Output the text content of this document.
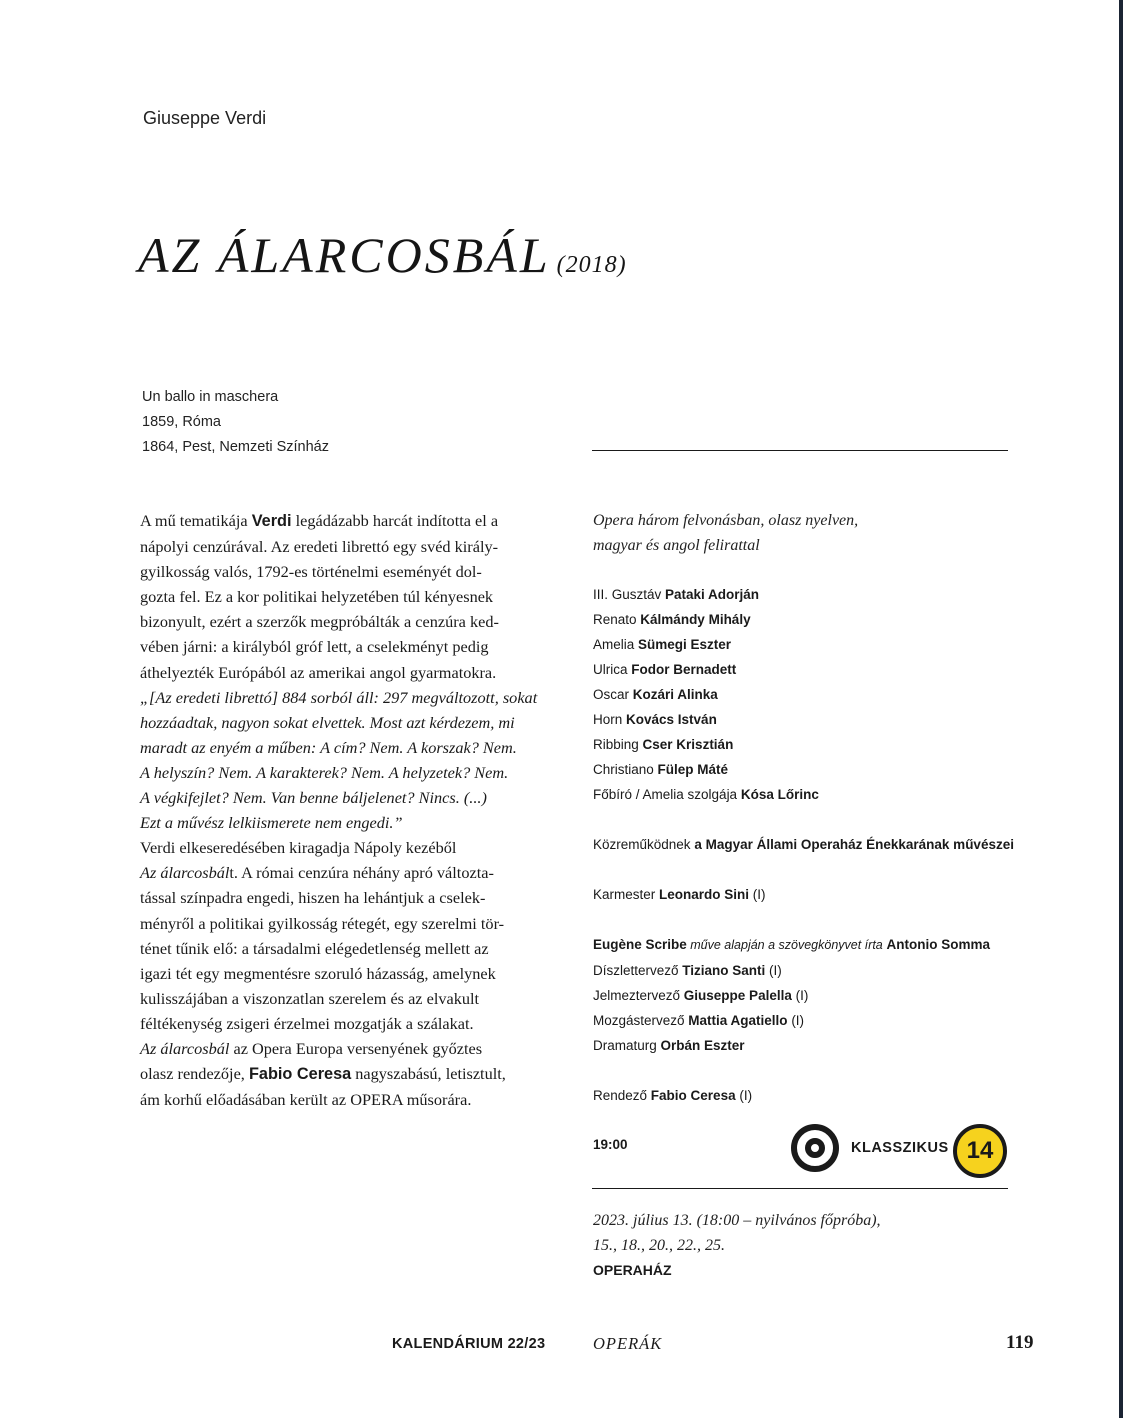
Giuseppe Verdi
AZ ÁLARCOSBÁL (2018)
Un ballo in maschera
1859, Róma
1864, Pest, Nemzeti Színház

A mű tematikája Verdi legádázabb harcát indította el a

nápolyi cenzúrával. Az eredeti librettó egy svéd király-

gyilkosság valós, 1792-es történelmi eseményét dol-

gozta fel. Ez a kor politikai helyzetében túl kényesnek

bizonyult, ezért a szerzők megpróbálták a cenzúra ked-

vében járni: a királyból gróf lett, a cselekményt pedig

áthelyezték Európából az amerikai angol gyarmatokra.

„[Az eredeti librettó] 884 sorból áll: 297 megváltozott, sokat

hozzáadtak, nagyon sokat elvettek. Most azt kérdezem, mi

maradt az enyém a műben: A cím? Nem. A korszak? Nem.

A helyszín? Nem. A karakterek? Nem. A helyzetek? Nem.

A végkifejlet? Nem. Van benne báljelenet? Nincs. (...)

Ezt a művész lelkiismerete nem engedi.”

Verdi elkeseredésében kiragadja Nápoly kezéből

Az álarcosbált. A római cenzúra néhány apró változta-

tással színpadra engedi, hiszen ha lehántjuk a cselek-

ményről a politikai gyilkosság rétegét, egy szerelmi tör-

ténet tűnik elő: a társadalmi elégedetlenség mellett az

igazi tét egy megmentésre szoruló házasság, amelynek

kulisszájában a viszonzatlan szerelem és az elvakult

féltékenység zsigeri érzelmei mozgatják a szálakat.

Az álarcosbál az Opera Europa versenyének győztes

olasz rendezője, Fabio Ceresa nagyszabású, letisztult,

ám korhű előadásában került az OPERA műsorára.

Opera három felvonásban, olasz nyelven,
magyar és angol felirattal
III. Gusztáv Pataki Adorján
Renato Kálmándy Mihály
Amelia Sümegi Eszter
Ulrica Fodor Bernadett
Oscar Kozári Alinka
Horn Kovács István
Ribbing Cser Krisztián
Christiano Fülep Máté
Főbíró / Amelia szolgája Kósa Lőrinc
Közreműködnek a Magyar Állami Operaház Énekkarának művészei
Karmester Leonardo Sini (I)
Eugène Scribe műve alapján a szövegkönyvet írta Antonio Somma
Díszlettervező Tiziano Santi (I)
Jelmeztervező Giuseppe Palella (I)
Mozgástervező Mattia Agatiello (I)
Dramaturg Orbán Eszter
Rendező Fabio Ceresa (I)
19:00	KLASSZIKUS 14
2023. július 13. (18:00 – nyilvános főpróba),
15., 18., 20., 22., 25.
OPERAHÁZ
KALENDÁRIUM 22/23	OPERÁK	119
